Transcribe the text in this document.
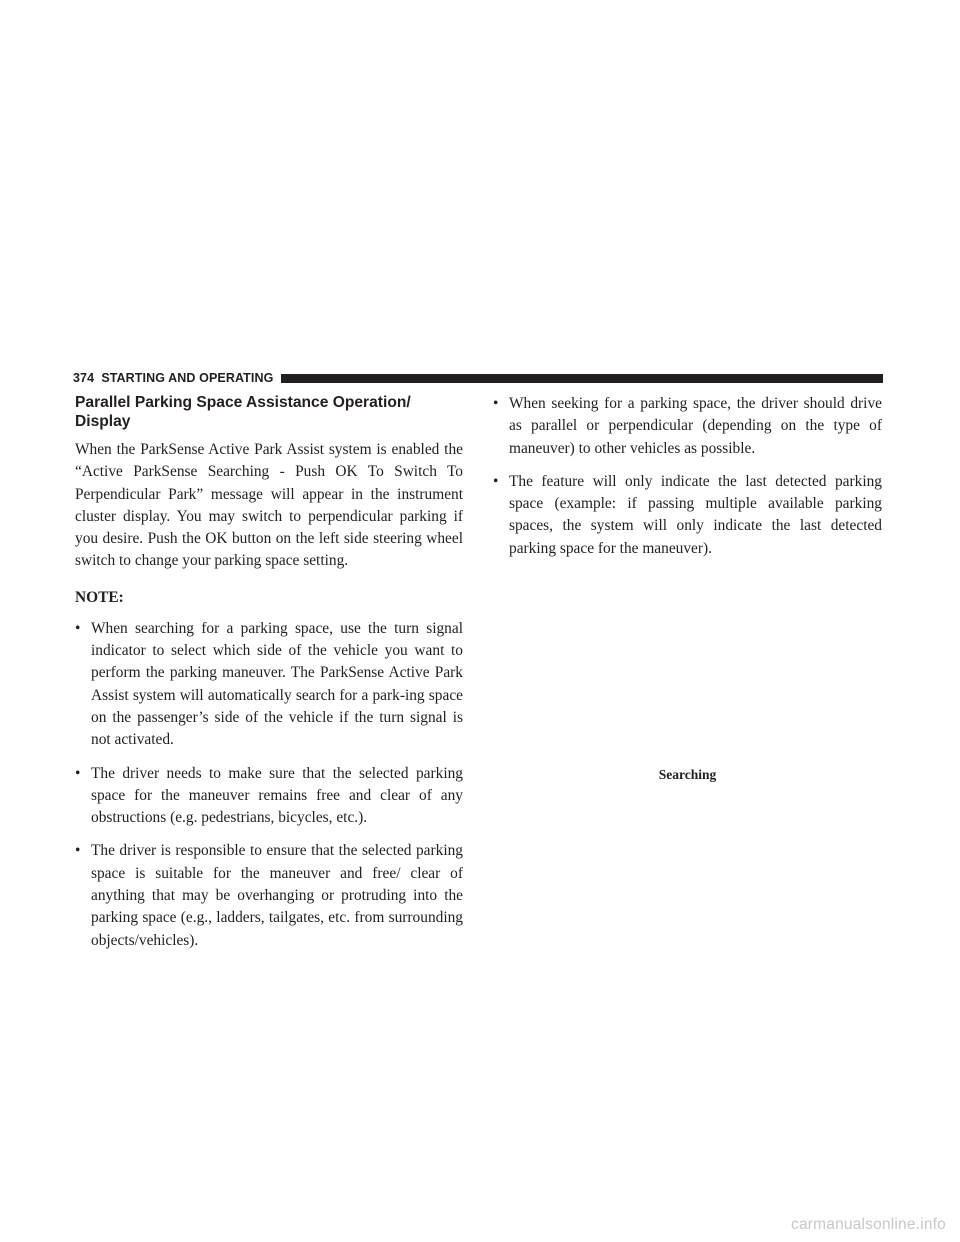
374 STARTING AND OPERATING
Parallel Parking Space Assistance Operation/ Display

When the ParkSense Active Park Assist system is enabled the “Active ParkSense Searching - Push OK To Switch To Perpendicular Park” message will appear in the instrument cluster display. You may switch to perpendicular parking if you desire. Push the OK button on the left side steering wheel switch to change your parking space setting.

NOTE:

• When searching for a parking space, use the turn signal indicator to select which side of the vehicle you want to perform the parking maneuver. The ParkSense Active Park Assist system will automatically search for a park-ing space on the passenger’s side of the vehicle if the turn signal is not activated.
• The driver needs to make sure that the selected parking space for the maneuver remains free and clear of any obstructions (e.g. pedestrians, bicycles, etc.).
• The driver is responsible to ensure that the selected parking space is suitable for the maneuver and free/ clear of anything that may be overhanging or protruding into the parking space (e.g., ladders, tailgates, etc. from surrounding objects/vehicles).
• When seeking for a parking space, the driver should drive as parallel or perpendicular (depending on the type of maneuver) to other vehicles as possible.
• The feature will only indicate the last detected parking space (example: if passing multiple available parking spaces, the system will only indicate the last detected parking space for the maneuver).
Searching
carmanualsonline.info
